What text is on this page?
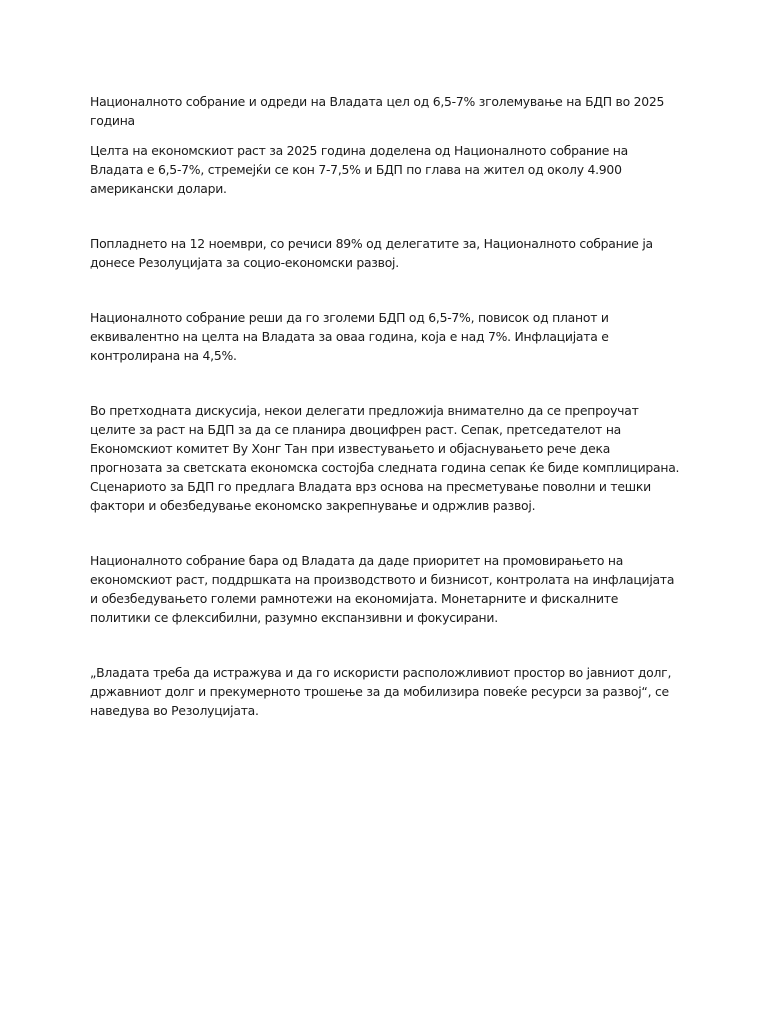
Националното собрание и одреди на Владата цел од 6,5-7% зголемување на БДП во 2025 година

Целта на економскиот раст за 2025 година доделена од Националното собрание на Владата е 6,5-7%, стремејќи се кон 7-7,5% и БДП по глава на жител од околу 4.900 американски долари.

Попладнето на 12 ноември, со речиси 89% од делегатите за, Националното собрание ја донесе Резолуцијата за социо-економски развој.

Националното собрание реши да го зголеми БДП од 6,5-7%, повисок од планот и еквивалентно на целта на Владата за оваа година, која е над 7%. Инфлацијата е контролирана на 4,5%.

Во претходната дискусија, некои делегати предложија внимателно да се препроучат целите за раст на БДП за да се планира двоцифрен раст. Сепак, претседателот на Економскиот комитет Ву Хонг Тан при известувањето и објаснувањето рече дека прогнозата за светската економска состојба следната година сепак ќе биде комплицирана. Сценариото за БДП го предлага Владата врз основа на пресметување поволни и тешки фактори и обезбедување економско закрепнување и одржлив развој.

Националното собрание бара од Владата да даде приоритет на промовирањето на економскиот раст, поддршката на производството и бизнисот, контролата на инфлацијата и обезбедувањето големи рамнотежи на економијата. Монетарните и фискалните политики се флексибилни, разумно експанзивни и фокусирани.

„Владата треба да истражува и да го искористи расположливиот простор во јавниот долг, државниот долг и прекумерното трошење за да мобилизира повеќе ресурси за развој“, се наведува во Резолуцијата.
